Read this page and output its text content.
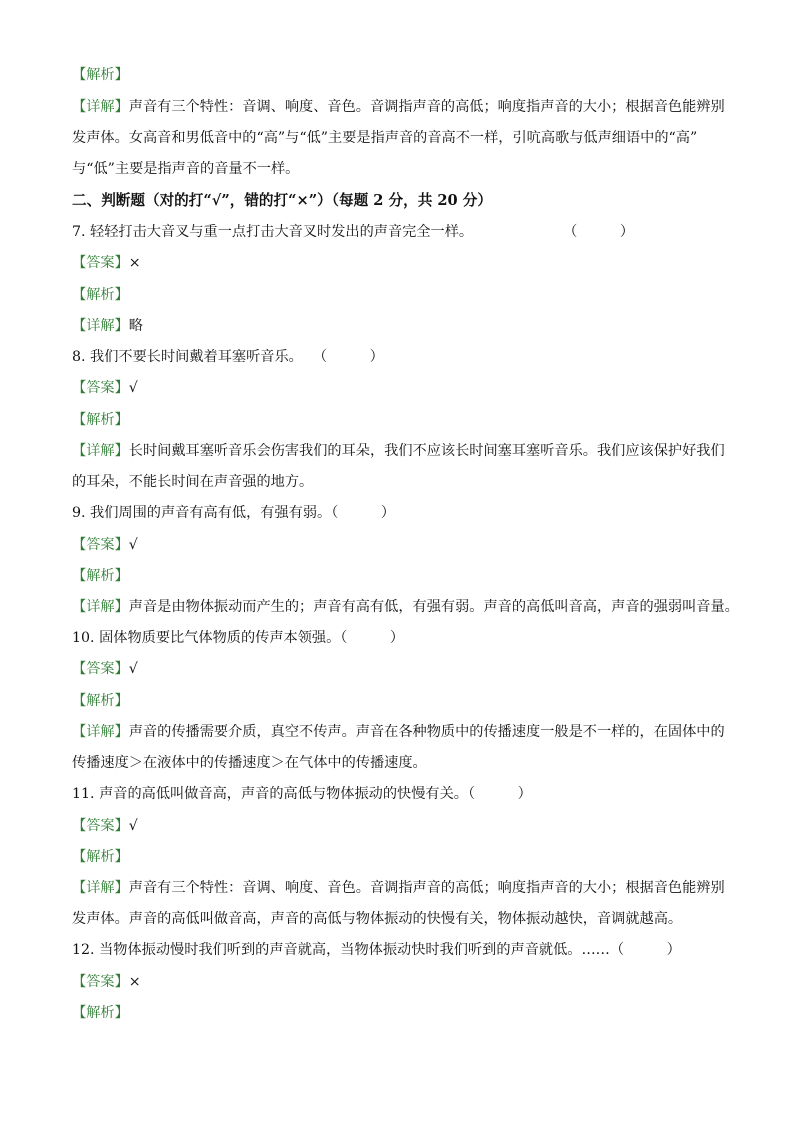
【解析】
【详解】声音有三个特性：音调、响度、音色。音调指声音的高低；响度指声音的大小；根据音色能辨别
发声体。女高音和男低音中的“高”与“低”主要是指声音的音高不一样，引吭高歌与低声细语中的“高”
与“低”主要是指声音的音量不一样。
二、判断题（对的打“√”，错的打“×”）（每题 2 分，共 20 分）
7. 轻轻打击大音叉与重一点打击大音叉时发出的声音完全一样。	（　　　）
【答案】×
【解析】
【详解】略
8. 我们不要长时间戴着耳塞听音乐。 （　　　）
【答案】√
【解析】
【详解】长时间戴耳塞听音乐会伤害我们的耳朵，我们不应该长时间塞耳塞听音乐。我们应该保护好我们
的耳朵，不能长时间在声音强的地方。
9. 我们周围的声音有高有低，有强有弱。（　　　）
【答案】√
【解析】
【详解】声音是由物体振动而产生的；声音有高有低，有强有弱。声音的高低叫音高，声音的强弱叫音量。
10. 固体物质要比气体物质的传声本领强。（　　　）
【答案】√
【解析】
【详解】声音的传播需要介质，真空不传声。声音在各种物质中的传播速度一般是不一样的，在固体中的
传播速度＞在液体中的传播速度＞在气体中的传播速度。
11. 声音的高低叫做音高，声音的高低与物体振动的快慢有关。（　　　）
【答案】√
【解析】
【详解】声音有三个特性：音调、响度、音色。音调指声音的高低；响度指声音的大小；根据音色能辨别
发声体。声音的高低叫做音高，声音的高低与物体振动的快慢有关，物体振动越快，音调就越高。
12. 当物体振动慢时我们听到的声音就高，当物体振动快时我们听到的声音就低。……（　　　）
【答案】×
【解析】
